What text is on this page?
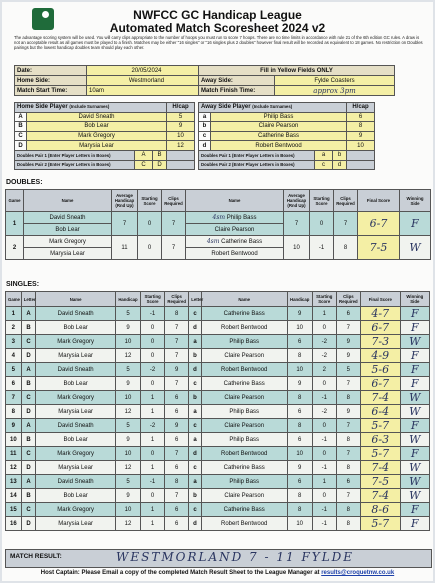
NWFCC GC Handicap League
Automated Match Scoresheet 2024 v2
The advantage scoring system will be used. You will carry clips appropriate to the number of hoops you must run to score 7 hoops. There are no time limits in accordance with rule 21 of the 6th edition GC rules. A draw is not an acceptable result as all games must be played to a finish. Matches may be either "16 singles" or "16 singles plus 2 doubles" however final result will be recorded as equivalent to 18 games. No restriction on Doubles pairings but the lowest handicap doubles team should play each other.
Date:	20/05/2024
Home Side:	Westmorland
Match Start Time:	10am
Fill in Yellow Fields ONLY	
Away Side:	Fylde Coasters
Match Finish Time:	approx 3pm
Home Side Player (Include Surnames)				H/cap
A	David Sneath			5
B	Bob Lear			9
C	Mark Gregory			10
D	Marysia Lear			12
Doubles Pair 1 (Enter Player Letters in Boxes)		A	B	
Doubles Pair 2 (Enter Player Letters in Boxes)		C	D	
Away Side Player (Include Surnames)				H/cap
a	Philip Bass			6
b	Claire Pearson			8
c	Catherine Bass			9
d	Robert Bentwood			10
Doubles Pair 1 (Enter Player Letters in Boxes)		a	b	
Doubles Pair 2 (Enter Player Letters in Boxes)		c	d	
DOUBLES:
Game	Name	Average Handicap (Rnd Up)	Starting Score	Clips Required	Name	Average Handicap (Rnd Up)	Starting Score	Clips Required	Final Score	Winning Side
1	David Sneath	7	0	7	4sm Philip Bass	7	0	7	6-7	F
	Bob Lear				Claire Pearson					
2	Mark Gregory	11	0	7	4sm Catherine Bass	10	-1	8	7-5	W
	Marysia Lear				Robert Bentwood					
SINGLES:
Game	Letter	Name	Handicap	Starting Score	Clips Required	Letter	Name	Handicap	Starting Score	Clips Required	Final Score	Winning Side
1	A	David Sneath	5	-1	8	c	Catherine Bass	9	1	6	4-7	F
2	B	Bob Lear	9	0	7	d	Robert Bentwood	10	0	7	6-7	F
3	C	Mark Gregory	10	0	7	a	Philip Bass	6	-2	9	7-3	W
4	D	Marysia Lear	12	0	7	b	Claire Pearson	8	-2	9	4-9	F
5	A	David Sneath	5	-2	9	d	Robert Bentwood	10	2	5	5-6	F
6	B	Bob Lear	9	0	7	c	Catherine Bass	9	0	7	6-7	F
7	C	Mark Gregory	10	1	6	b	Claire Pearson	8	-1	8	7-4	W
8	D	Marysia Lear	12	1	6	a	Philip Bass	6	-2	9	6-4	W
9	A	David Sneath	5	-2	9	c	Claire Pearson	8	0	7	5-7	F
10	B	Bob Lear	9	1	6	a	Philip Bass	6	-1	8	6-3	W
11	C	Mark Gregory	10	0	7	d	Robert Bentwood	10	0	7	5-7	F
12	D	Marysia Lear	12	1	6	c	Catherine Bass	9	-1	8	7-4	W
13	A	David Sneath	5	-1	8	a	Philip Bass	6	1	6	7-5	W
14	B	Bob Lear	9	0	7	b	Claire Pearson	8	0	7	7-4	W
15	C	Mark Gregory	10	1	6	c	Catherine Bass	8	-1	8	8-6	F
16	D	Marysia Lear	12	1	6	d	Robert Bentwood	10	-1	8	5-7	F
MATCH RESULT:	WESTMORLAND 7 - 11 FYLDE
Host Captain: Please Email a copy of the completed Match Result Sheet to the League Manager at results@croquetnw.co.uk
